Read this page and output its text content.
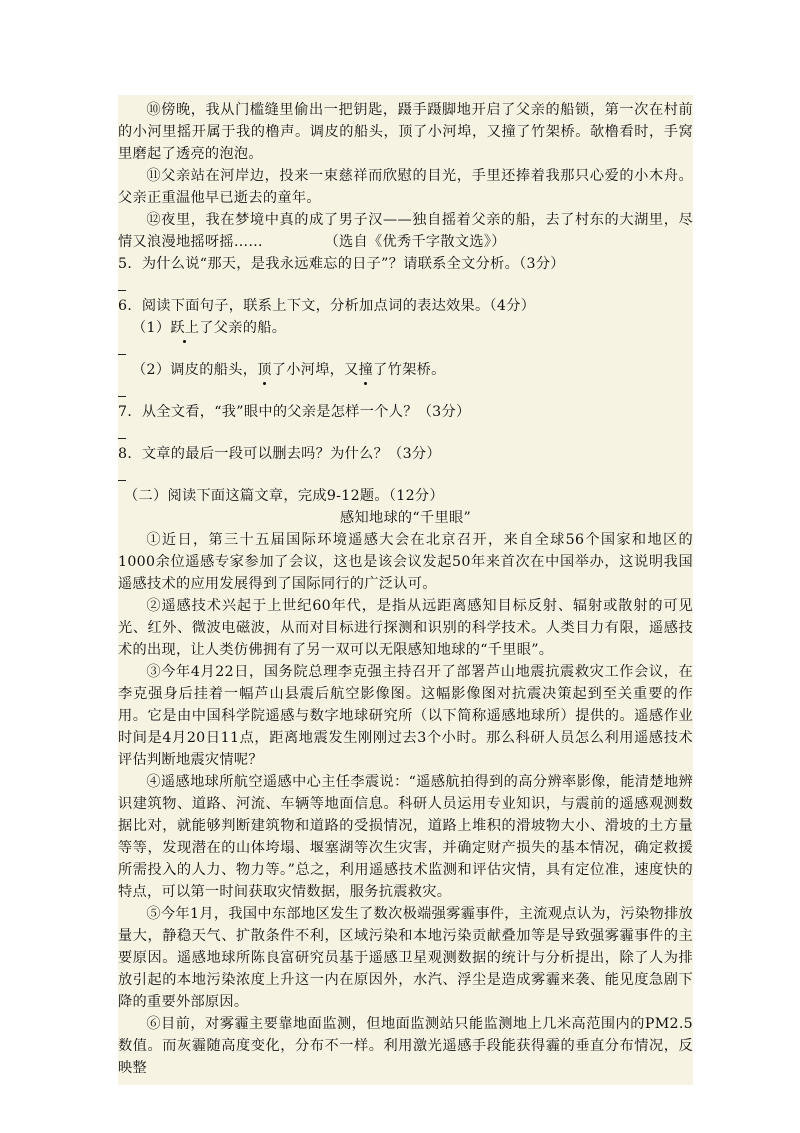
⑩傍晚，我从门槛缝里偷出一把钥匙，蹑手蹑脚地开启了父亲的船锁，第一次在村前的小河里摇开属于我的橹声。调皮的船头，顶了小河埠，又撞了竹架桥。欹橹看时，手窝里磨起了透亮的泡泡。

⑪父亲站在河岸边，投来一束慈祥而欣慰的目光，手里还捧着我那只心爱的小木舟。父亲正重温他早已逝去的童年。

⑫夜里，我在梦境中真的成了男子汉——独自摇着父亲的船，去了村东的大湖里，尽情又浪漫地摇呀摇……	（选自《优秀千字散文选》）

5．为什么说“那天，是我永远难忘的日子”？请联系全文分析。（3分）

6．阅读下面句子，联系上下文，分析加点词的表达效果。（4分）

（1）跃上了父亲的船。

（2）调皮的船头，顶了小河埠，又撞了竹架桥。

7．从全文看，“我”眼中的父亲是怎样一个人？（3分）

8．文章的最后一段可以删去吗？为什么？（3分）

（二）阅读下面这篇文章，完成9-12题。（12分）

感知地球的“千里眼”

①近日，第三十五届国际环境遥感大会在北京召开，来自全球56个国家和地区的1000余位遥感专家参加了会议，这也是该会议发起50年来首次在中国举办，这说明我国遥感技术的应用发展得到了国际同行的广泛认可。

②遥感技术兴起于上世纪60年代，是指从远距离感知目标反射、辐射或散射的可见光、红外、微波电磁波，从而对目标进行探测和识别的科学技术。人类目力有限，遥感技术的出现，让人类仿佛拥有了另一双可以无限感知地球的“千里眼”。

③今年4月22日，国务院总理李克强主持召开了部署芦山地震抗震救灾工作会议，在李克强身后挂着一幅芦山县震后航空影像图。这幅影像图对抗震决策起到至关重要的作用。它是由中国科学院遥感与数字地球研究所（以下简称遥感地球所）提供的。遥感作业时间是4月20日11点，距离地震发生刚刚过去3个小时。那么科研人员怎么利用遥感技术评估判断地震灾情呢？

④遥感地球所航空遥感中心主任李震说：“遥感航拍得到的高分辨率影像，能清楚地辨识建筑物、道路、河流、车辆等地面信息。科研人员运用专业知识，与震前的遥感观测数据比对，就能够判断建筑物和道路的受损情况，道路上堆积的滑坡物大小、滑坡的土方量等等，发现潜在的山体垮塌、堰塞湖等次生灾害，并确定财产损失的基本情况，确定救援所需投入的人力、物力等。”总之，利用遥感技术监测和评估灾情，具有定位准，速度快的特点，可以第一时间获取灾情数据，服务抗震救灾。

⑤今年1月，我国中东部地区发生了数次极端强雾霾事件，主流观点认为，污染物排放量大，静稳天气、扩散条件不利，区域污染和本地污染贡献叠加等是导致强雾霾事件的主要原因。遥感地球所陈良富研究员基于遥感卫星观测数据的统计与分析提出，除了人为排放引起的本地污染浓度上升这一内在原因外，水汽、浮尘是造成雾霾来袭、能见度急剧下降的重要外部原因。

⑥目前，对雾霾主要靠地面监测，但地面监测站只能监测地上几米高范围内的PM2.5数值。而灰霾随高度变化，分布不一样。利用激光遥感手段能获得霾的垂直分布情况，反映整
